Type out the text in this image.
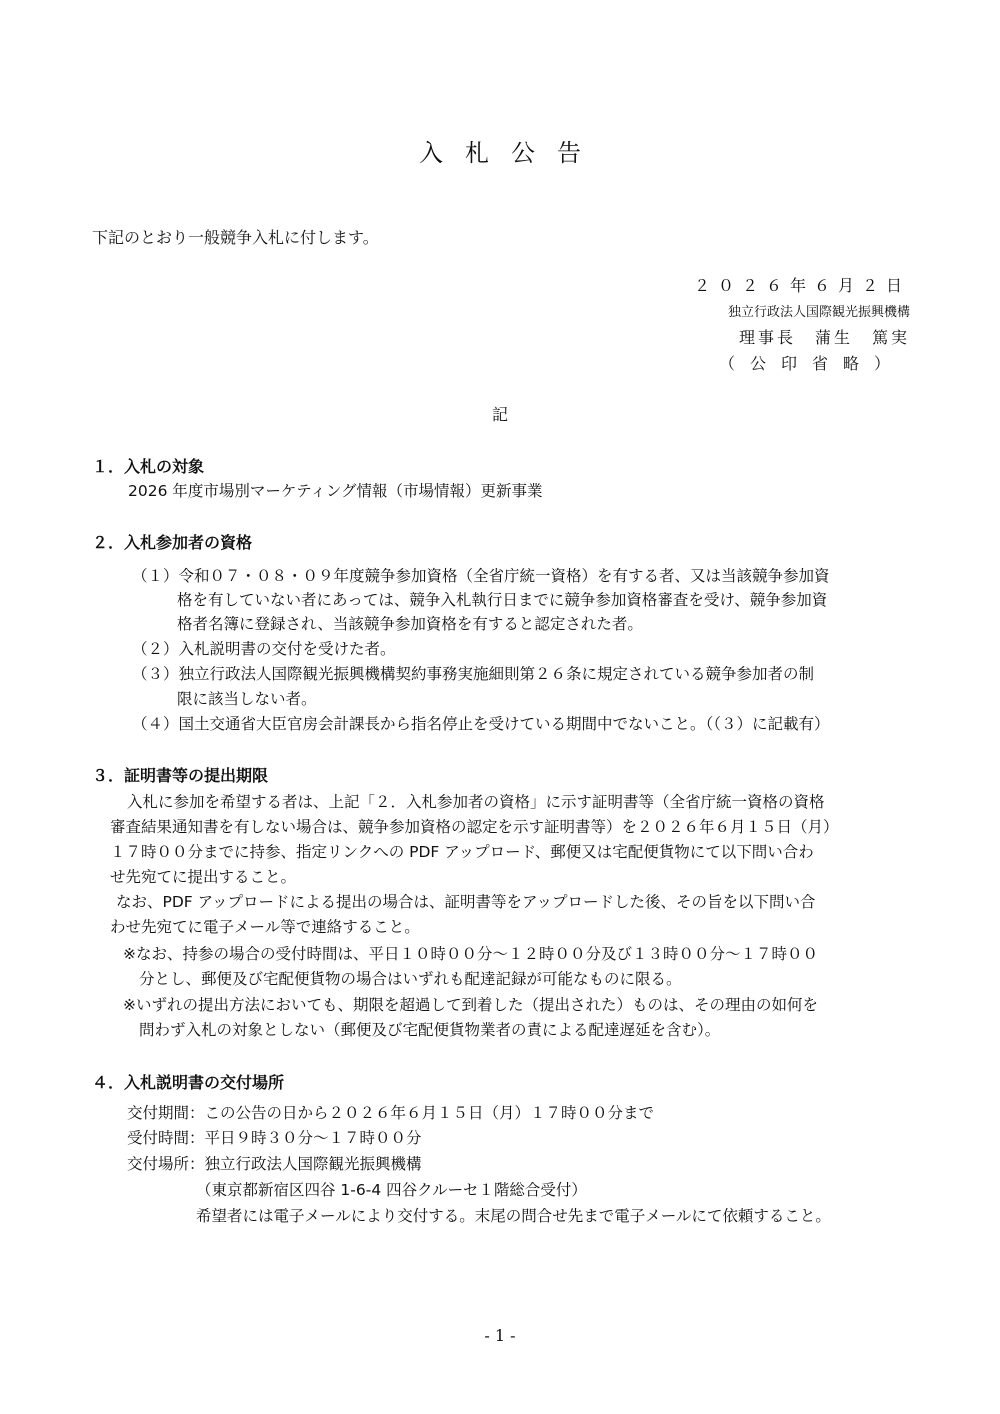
入札公告
下記のとおり一般競争入札に付します。
２０２６年６月２日
独立行政法人国際観光振興機構
理事長　蒲生　篤実
（公印省略）
記
１．入札の対象
2026 年度市場別マーケティング情報（市場情報）更新事業
２．入札参加者の資格
（１）令和０７・０８・０９年度競争参加資格（全省庁統一資格）を有する者、又は当該競争参加資
格を有していない者にあっては、競争入札執行日までに競争参加資格審査を受け、競争参加資
格者名簿に登録され、当該競争参加資格を有すると認定された者。
（２）入札説明書の交付を受けた者。
（３）独立行政法人国際観光振興機構契約事務実施細則第２６条に規定されている競争参加者の制
限に該当しない者。
（４）国土交通省大臣官房会計課長から指名停止を受けている期間中でないこと。（（３）に記載有）
３．証明書等の提出期限
入札に参加を希望する者は、上記「２．入札参加者の資格」に示す証明書等（全省庁統一資格の資格
審査結果通知書を有しない場合は、競争参加資格の認定を示す証明書等）を２０２６年６月１５日（月）
１７時００分までに持参、指定リンクへの PDF アップロード、郵便又は宅配便貨物にて以下問い合わ
せ先宛てに提出すること。
なお、PDF アップロードによる提出の場合は、証明書等をアップロードした後、その旨を以下問い合
わせ先宛てに電子メール等で連絡すること。
※なお、持参の場合の受付時間は、平日１０時００分～１２時００分及び１３時００分～１７時００
分とし、郵便及び宅配便貨物の場合はいずれも配達記録が可能なものに限る。
※いずれの提出方法においても、期限を超過して到着した（提出された）ものは、その理由の如何を
問わず入札の対象としない（郵便及び宅配便貨物業者の責による配達遅延を含む）。
４．入札説明書の交付場所
交付期間：この公告の日から２０２６年６月１５日（月）１７時００分まで
受付時間：平日９時３０分～１７時００分
交付場所：独立行政法人国際観光振興機構
（東京都新宿区四谷 1-6-4 四谷クルーセ１階総合受付）
希望者には電子メールにより交付する。末尾の問合せ先まで電子メールにて依頼すること。
- 1 -
